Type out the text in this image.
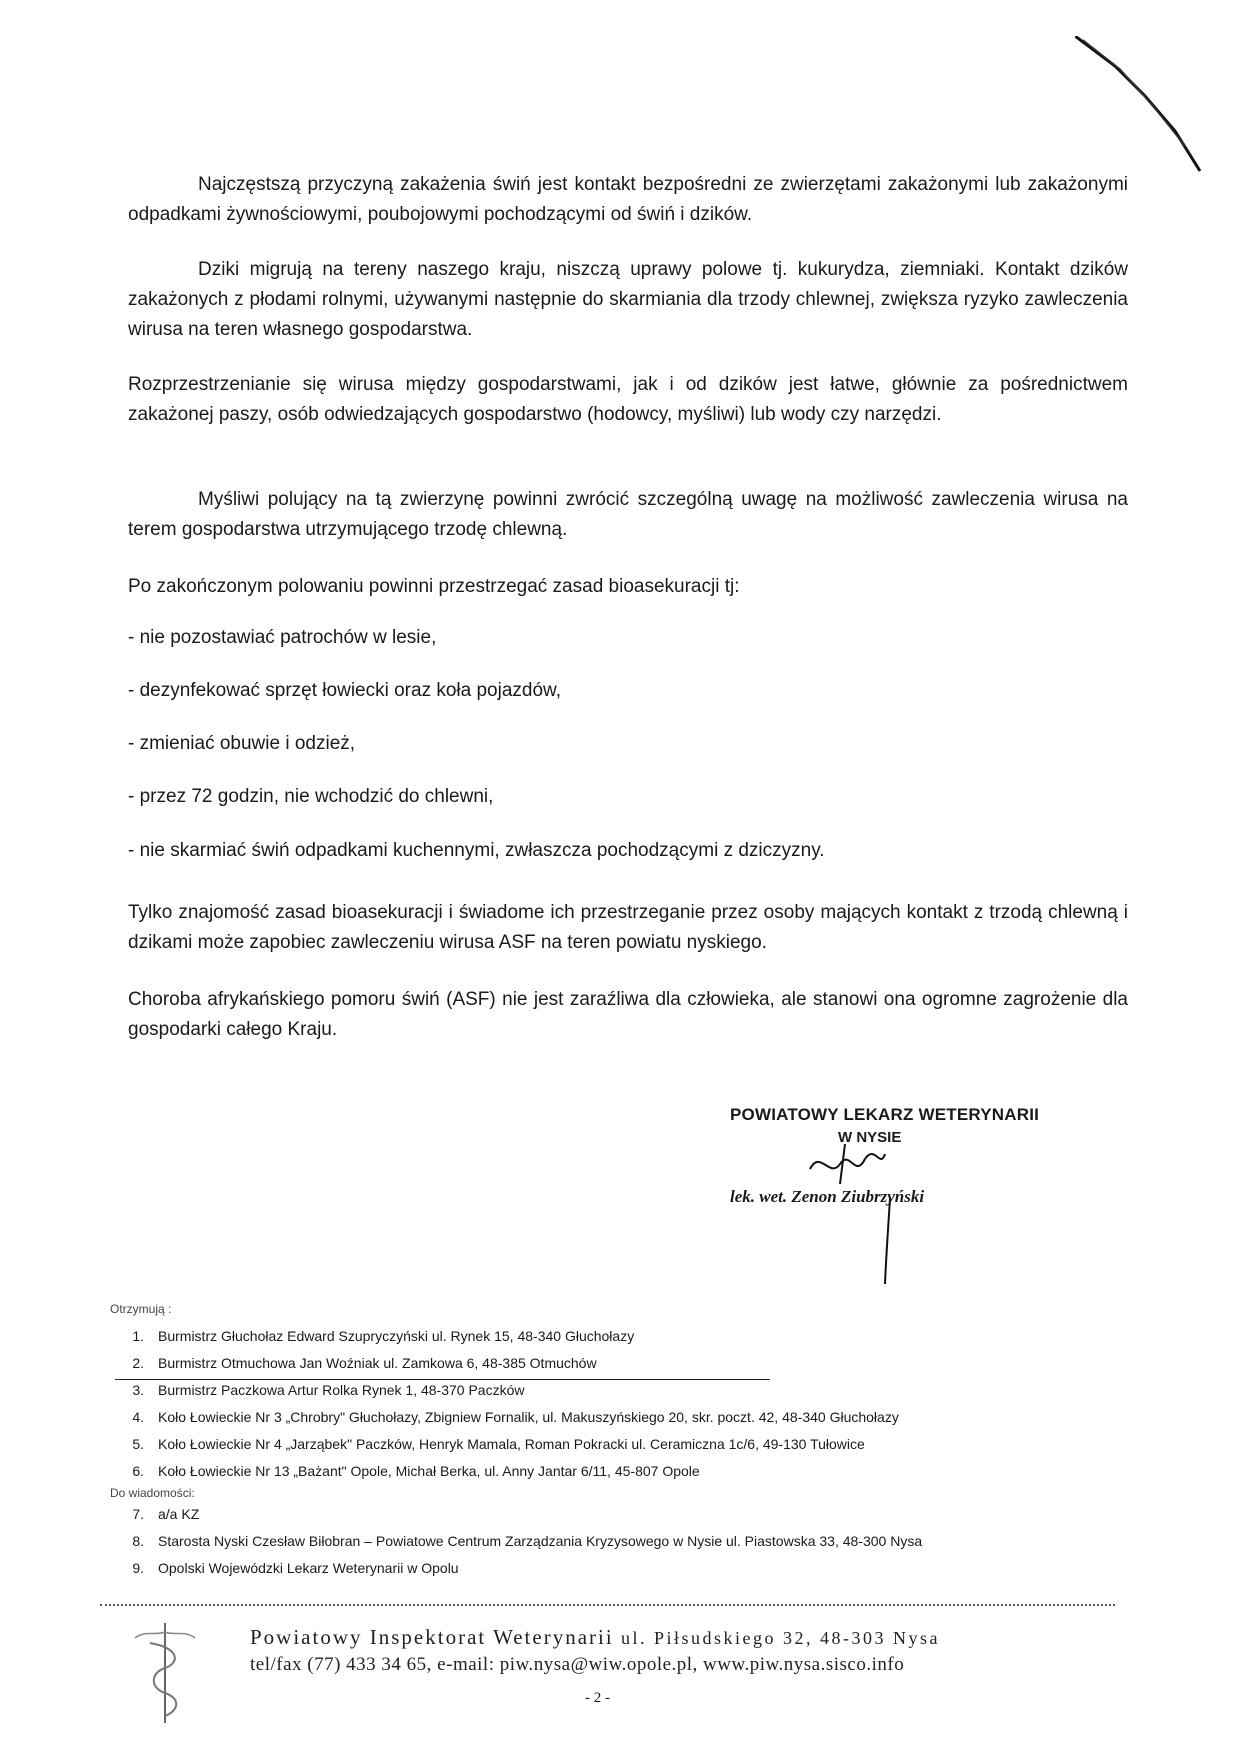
Najczęstszą przyczyną zakażenia świń jest kontakt bezpośredni ze zwierzętami zakażonymi lub zakażonymi odpadkami żywnościowymi, poubojowymi pochodzącymi od świń i dzików.

Dziki migrują na tereny naszego kraju, niszczą uprawy polowe tj. kukurydza, ziemniaki. Kontakt dzików zakażonych z płodami rolnymi, używanymi następnie do skarmiania dla trzody chlewnej, zwiększa ryzyko zawleczenia wirusa na teren własnego gospodarstwa.

Rozprzestrzenianie się wirusa między gospodarstwami, jak i od dzików jest łatwe, głównie za pośrednictwem zakażonej paszy, osób odwiedzających gospodarstwo (hodowcy, myśliwi) lub wody czy narzędzi.

Myśliwi polujący na tą zwierzynę powinni zwrócić szczególną uwagę na możliwość zawleczenia wirusa na terem gospodarstwa utrzymującego trzodę chlewną.

Po zakończonym polowaniu powinni przestrzegać zasad bioasekuracji tj:

- nie pozostawiać patrochów w lesie,

- dezynfekować sprzęt łowiecki oraz koła pojazdów,

- zmieniać obuwie i odzież,

- przez 72 godzin, nie wchodzić do chlewni,

- nie skarmiać świń odpadkami kuchennymi, zwłaszcza pochodzącymi z dziczyzny.

Tylko znajomość zasad bioasekuracji i świadome ich przestrzeganie przez osoby mających kontakt z trzodą chlewną i dzikami może zapobiec zawleczeniu wirusa ASF na teren powiatu nyskiego.

Choroba afrykańskiego pomoru świń (ASF) nie jest zaraźliwa dla człowieka, ale stanowi ona ogromne zagrożenie dla gospodarki całego Kraju.

POWIATOWY LEKARZ WETERYNARII
W NYSIE
lek. wet. Zenon Ziubrzyński

Otrzymują :

1.	Burmistrz Głuchołaz Edward Szupryczyński ul. Rynek 15, 48-340 Głuchołazy
2.	Burmistrz Otmuchowa Jan Woźniak ul. Zamkowa 6, 48-385 Otmuchów
3.	Burmistrz Paczkowa Artur Rolka Rynek 1, 48-370 Paczków
4.	Koło Łowieckie Nr 3 „Chrobry" Głuchołazy, Zbigniew Fornalik, ul. Makuszyńskiego 20, skr. poczt. 42, 48-340 Głuchołazy
5.	Koło Łowieckie Nr 4 „Jarząbek" Paczków, Henryk Mamala, Roman Pokracki ul. Ceramiczna 1c/6, 49-130 Tułowice
6.	Koło Łowieckie Nr 13 „Bażant" Opole, Michał Berka, ul. Anny Jantar 6/11, 45-807 Opole

Do wiadomości:

7.	a/a KZ
8.	Starosta Nyski Czesław Biłobran – Powiatowe Centrum Zarządzania Kryzysowego w Nysie ul. Piastowska 33, 48-300 Nysa
9.	Opolski Wojewódzki Lekarz Weterynarii w Opolu

Powiatowy Inspektorat Weterynarii ul. Piłsudskiego 32, 48-303 Nysa

tel/fax (77) 433 34 65, e-mail: piw.nysa@wiw.opole.pl, www.piw.nysa.sisco.info

- 2 -
